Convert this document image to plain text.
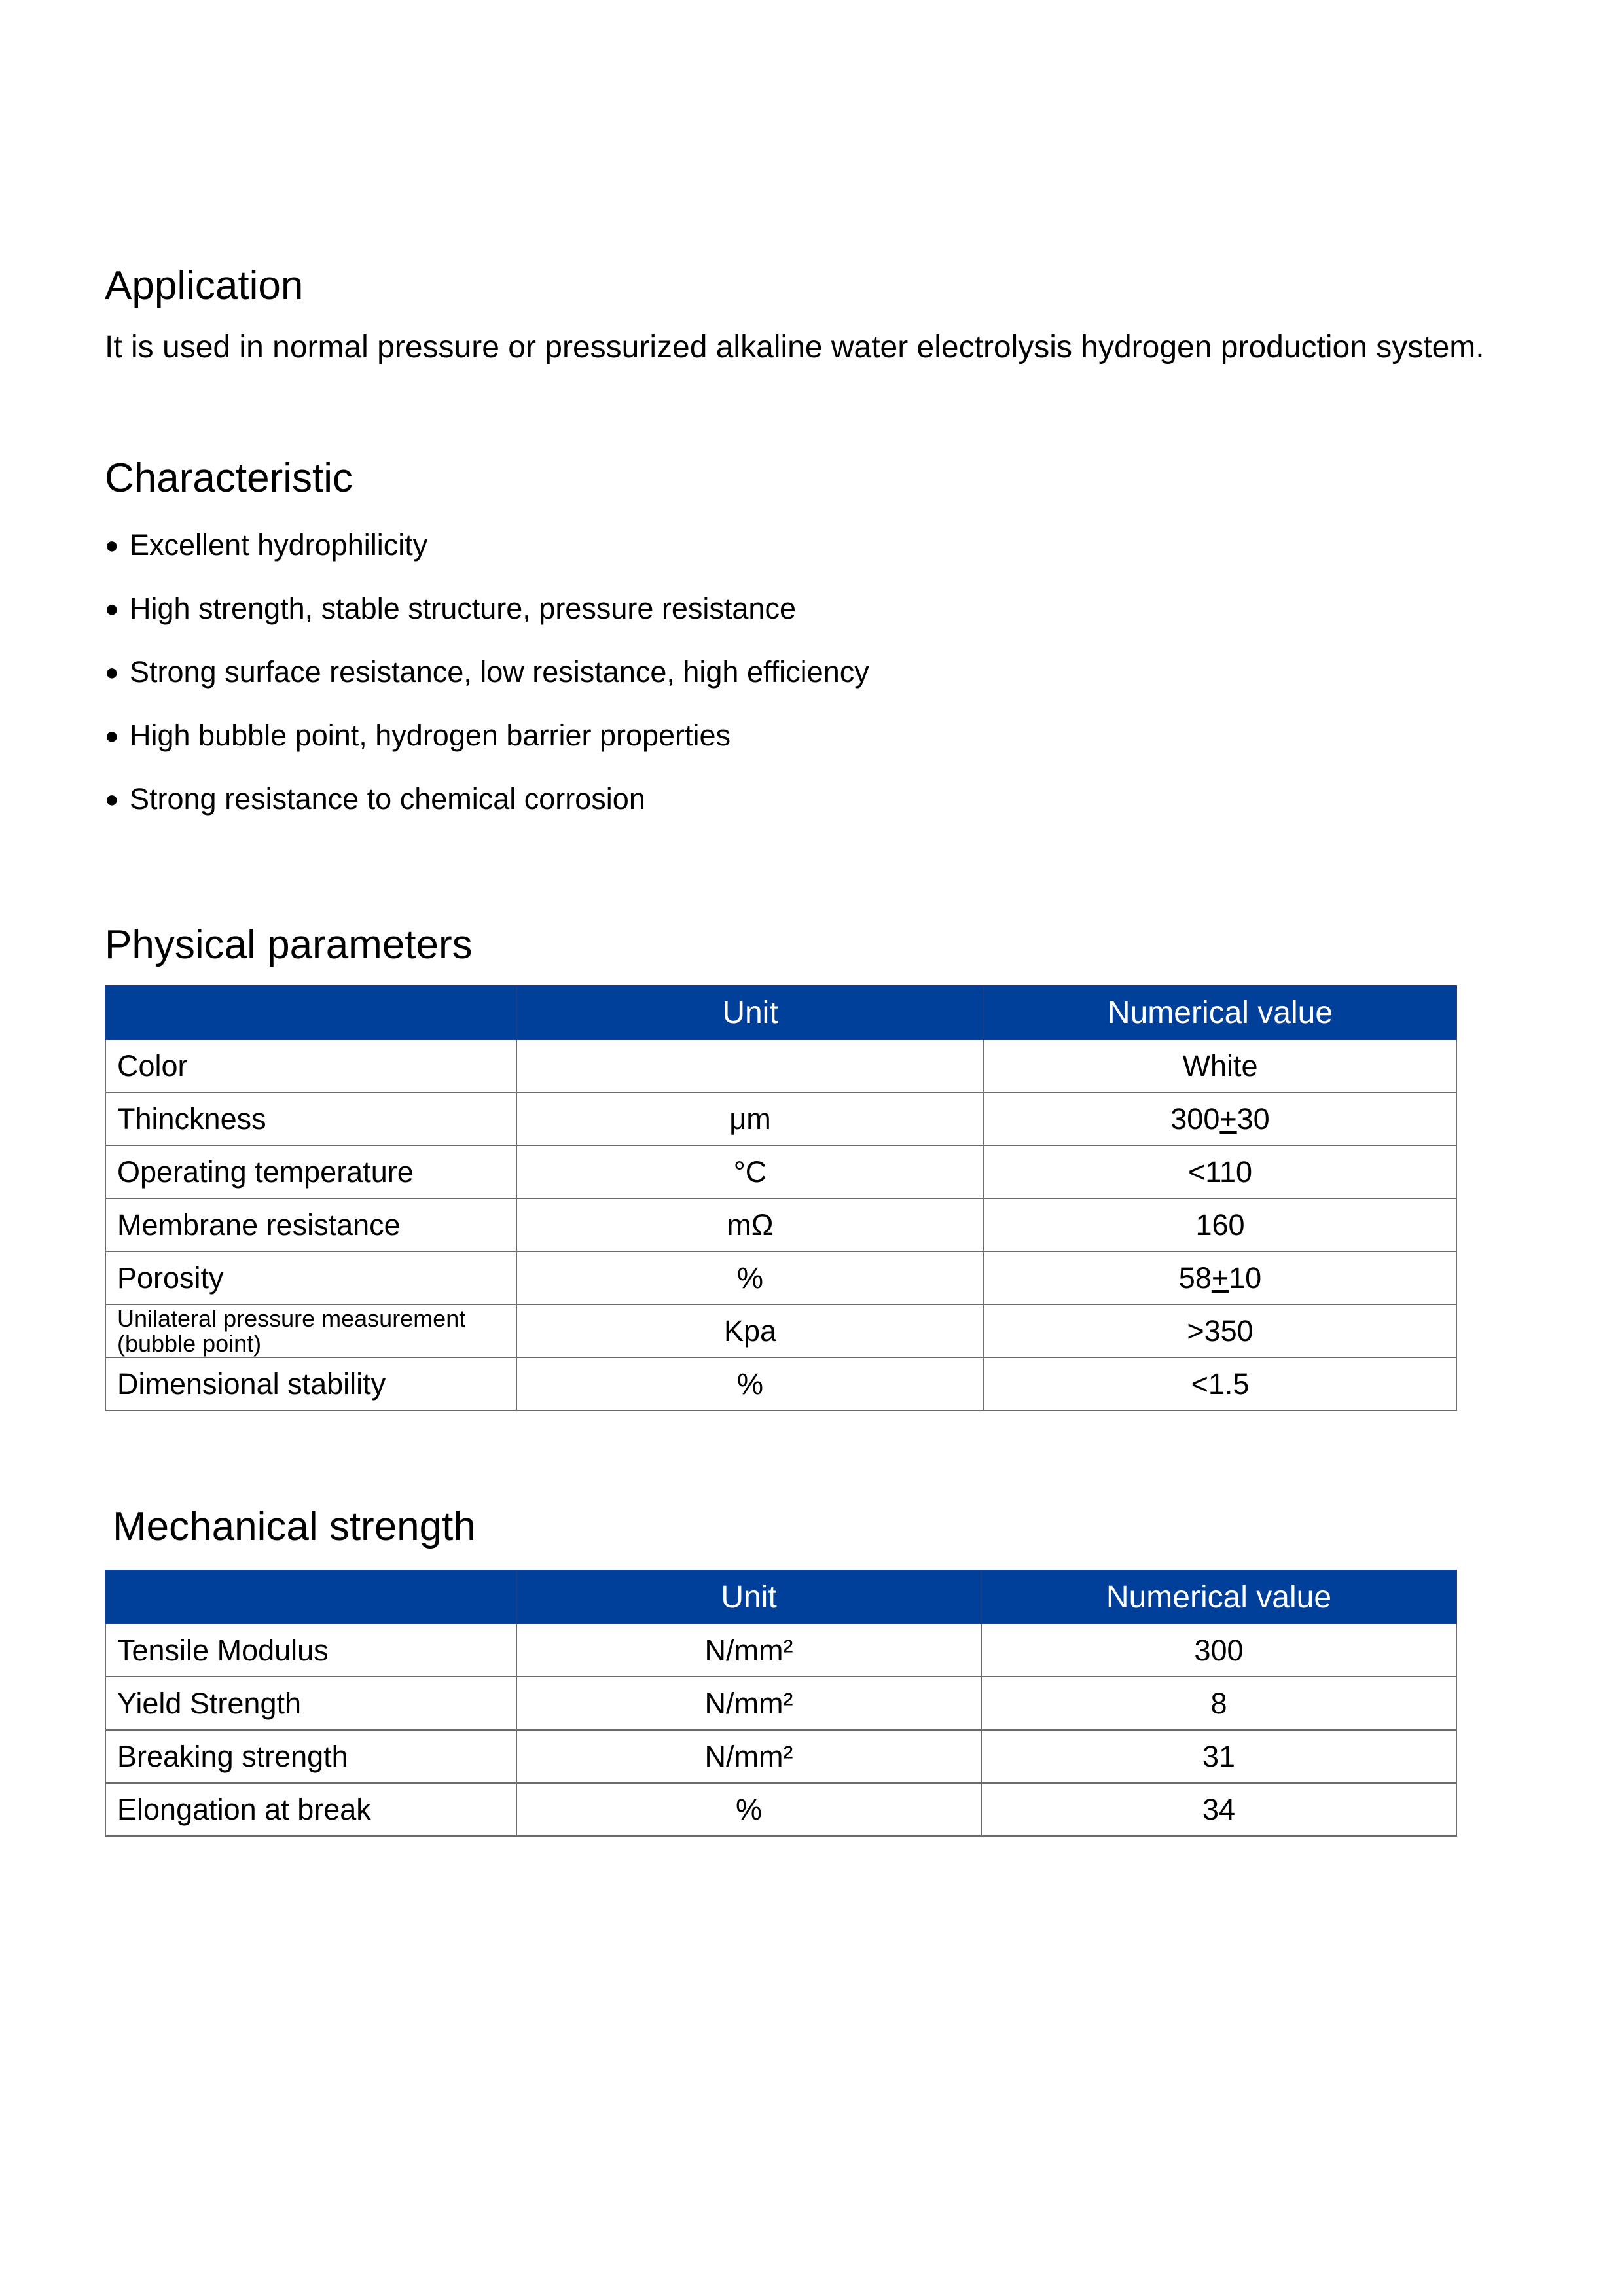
Application

It is used in normal pressure or pressurized alkaline water electrolysis hydrogen production system.

Characteristic
● Excellent hydrophilicity
● High strength, stable structure, pressure resistance
● Strong surface resistance, low resistance, high efficiency
● High bubble point, hydrogen barrier properties
● Strong resistance to chemical corrosion
Physical parameters
	Unit	Numerical value
Color		White
Thinckness	μm	300+30
Operating temperature	°C	<110
Membrane resistance	mΩ	160
Porosity	%	58+10
Unilateral pressure measurement (bubble point)	Kpa	>350
Dimensional stability	%	<1.5
Mechanical strength
	Unit	Numerical value
Tensile Modulus	N/mm²	300
Yield Strength	N/mm²	8
Breaking strength	N/mm²	31
Elongation at break	%	34
